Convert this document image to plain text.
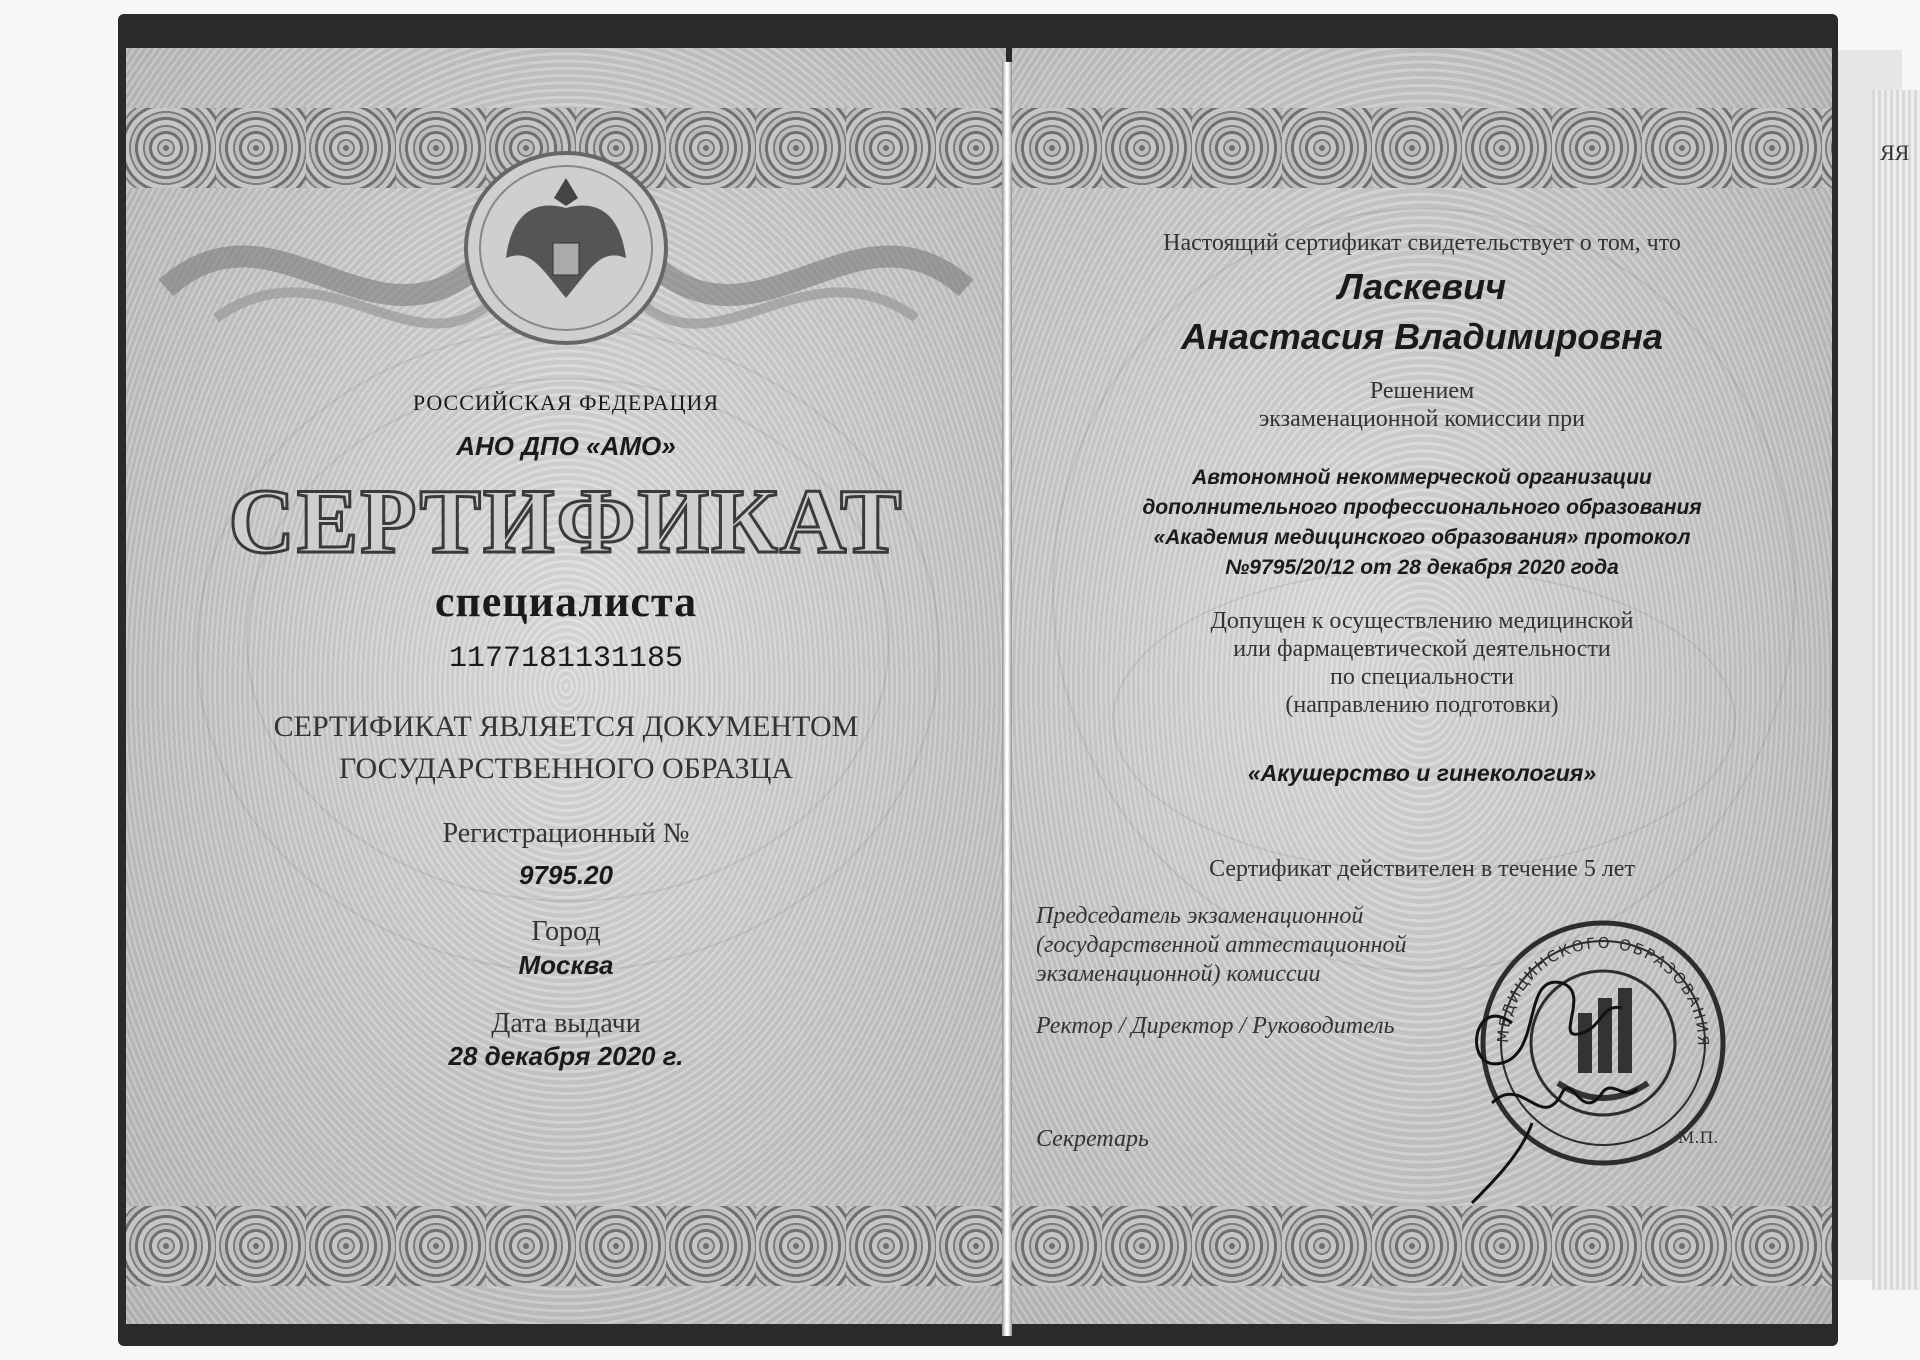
ЯЯ
РОССИЙСКАЯ ФЕДЕРАЦИЯ
АНО ДПО «АМО»
СЕРТИФИКАТ
специалиста
1177181131185
СЕРТИФИКАТ ЯВЛЯЕТСЯ ДОКУМЕНТОМ
ГОСУДАРСТВЕННОГО ОБРАЗЦА
Регистрационный №
9795.20
Город
Москва
Дата выдачи
28 декабря 2020 г.
Настоящий сертификат свидетельствует о том, что
Ласкевич
Анастасия Владимировна
Решением
экзаменационной комиссии при
Автономной некоммерческой организации
дополнительного профессионального образования
«Академия медицинского образования» протокол
№9795/20/12 от 28 декабря 2020 года
Допущен к осуществлению медицинской
или фармацевтической деятельности
по специальности
(направлению подготовки)
«Акушерство и гинекология»
Сертификат действителен в течение 5 лет
Председатель экзаменационной
(государственной аттестационной
экзаменационной) комиссии
Ректор / Директор / Руководитель
Секретарь
МЕДИЦИНСКОГО ОБРАЗОВАНИЯ
М.П.
